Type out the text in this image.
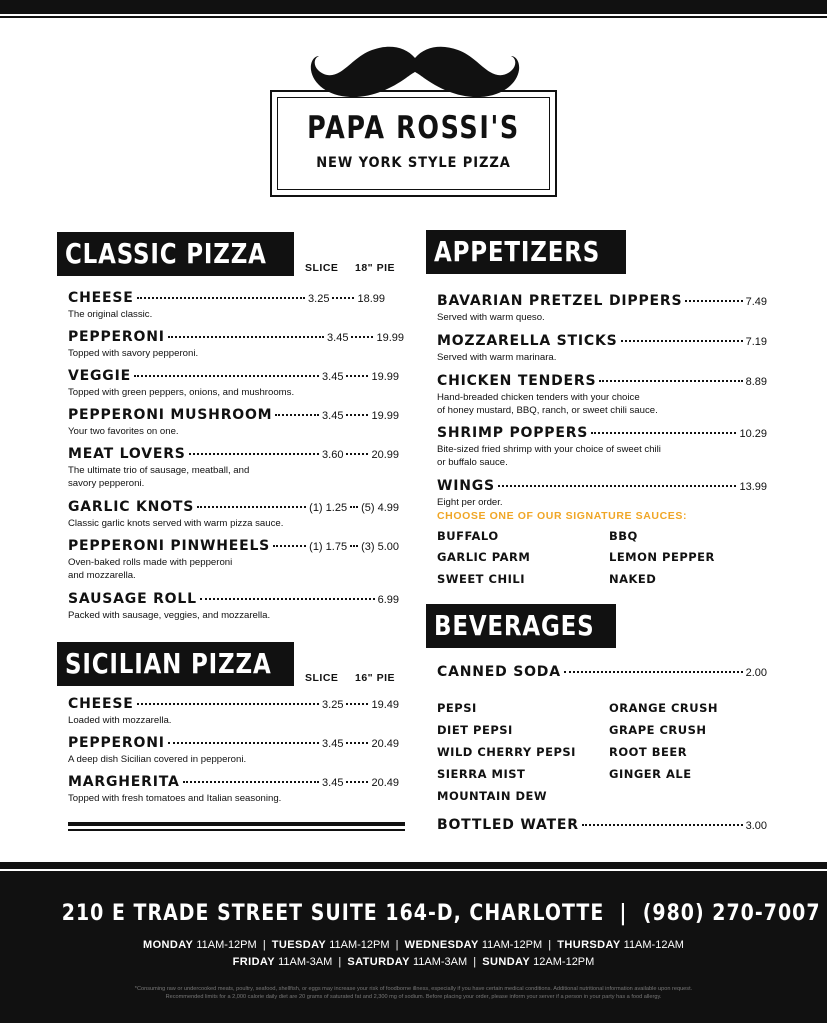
PAPA ROSSI'S
NEW YORK STYLE PIZZA
CLASSIC PIZZA	SLICE 18" PIE
CHEESE	3.25	18.99
The original classic.
PEPPERONI	3.45	19.99
Topped with savory pepperoni.
VEGGIE	3.45	19.99
Topped with green peppers, onions, and mushrooms.
PEPPERONI MUSHROOM	3.45	19.99
Your two favorites on one.
MEAT LOVERS	3.60	20.99
The ultimate trio of sausage, meatball, and
savory pepperoni.
GARLIC KNOTS	(1) 1.25 (5) 4.99
Classic garlic knots served with warm pizza sauce.
PEPPERONI PINWHEELS	(1) 1.75 (3) 5.00
Oven-baked rolls made with pepperoni
and mozzarella.
SAUSAGE ROLL	6.99
Packed with sausage, veggies, and mozzarella.
SICILIAN PIZZA	SLICE 16" PIE
CHEESE	3.25	19.49
Loaded with mozzarella.
PEPPERONI	3.45	20.49
A deep dish Sicilian covered in pepperoni.
MARGHERITA	3.45	20.49
Topped with fresh tomatoes and Italian seasoning.
APPETIZERS
BAVARIAN PRETZEL DIPPERS	7.49
Served with warm queso.
MOZZARELLA STICKS	7.19
Served with warm marinara.
CHICKEN TENDERS	8.89
Hand-breaded chicken tenders with your choice
of honey mustard, BBQ, ranch, or sweet chili sauce.
SHRIMP POPPERS	10.29
Bite-sized fried shrimp with your choice of sweet chili
or buffalo sauce.
WINGS	13.99
Eight per order.
CHOOSE ONE OF OUR SIGNATURE SAUCES:
BUFFALO	BBQ
GARLIC PARM	LEMON PEPPER
SWEET CHILI	NAKED
BEVERAGES
CANNED SODA	2.00
PEPSI	ORANGE CRUSH
DIET PEPSI	GRAPE CRUSH
WILD CHERRY PEPSI	ROOT BEER
SIERRA MIST	GINGER ALE
MOUNTAIN DEW
BOTTLED WATER	3.00
210 E TRADE STREET SUITE 164-D, CHARLOTTE | (980) 270-7007
MONDAY 11AM-12PM | TUESDAY 11AM-12PM | WEDNESDAY 11AM-12PM | THURSDAY 11AM-12AM
FRIDAY 11AM-3AM | SATURDAY 11AM-3AM | SUNDAY 12AM-12PM
*Consuming raw or undercooked meats, poultry, seafood, shellfish, or eggs may increase your risk of foodborne illness, especially if you have certain medical conditions. Additional nutritional information available upon request.
Recommended limits for a 2,000 calorie daily diet are 20 grams of saturated fat and 2,300 mg of sodium. Before placing your order, please inform your server if a person in your party has a food allergy.
